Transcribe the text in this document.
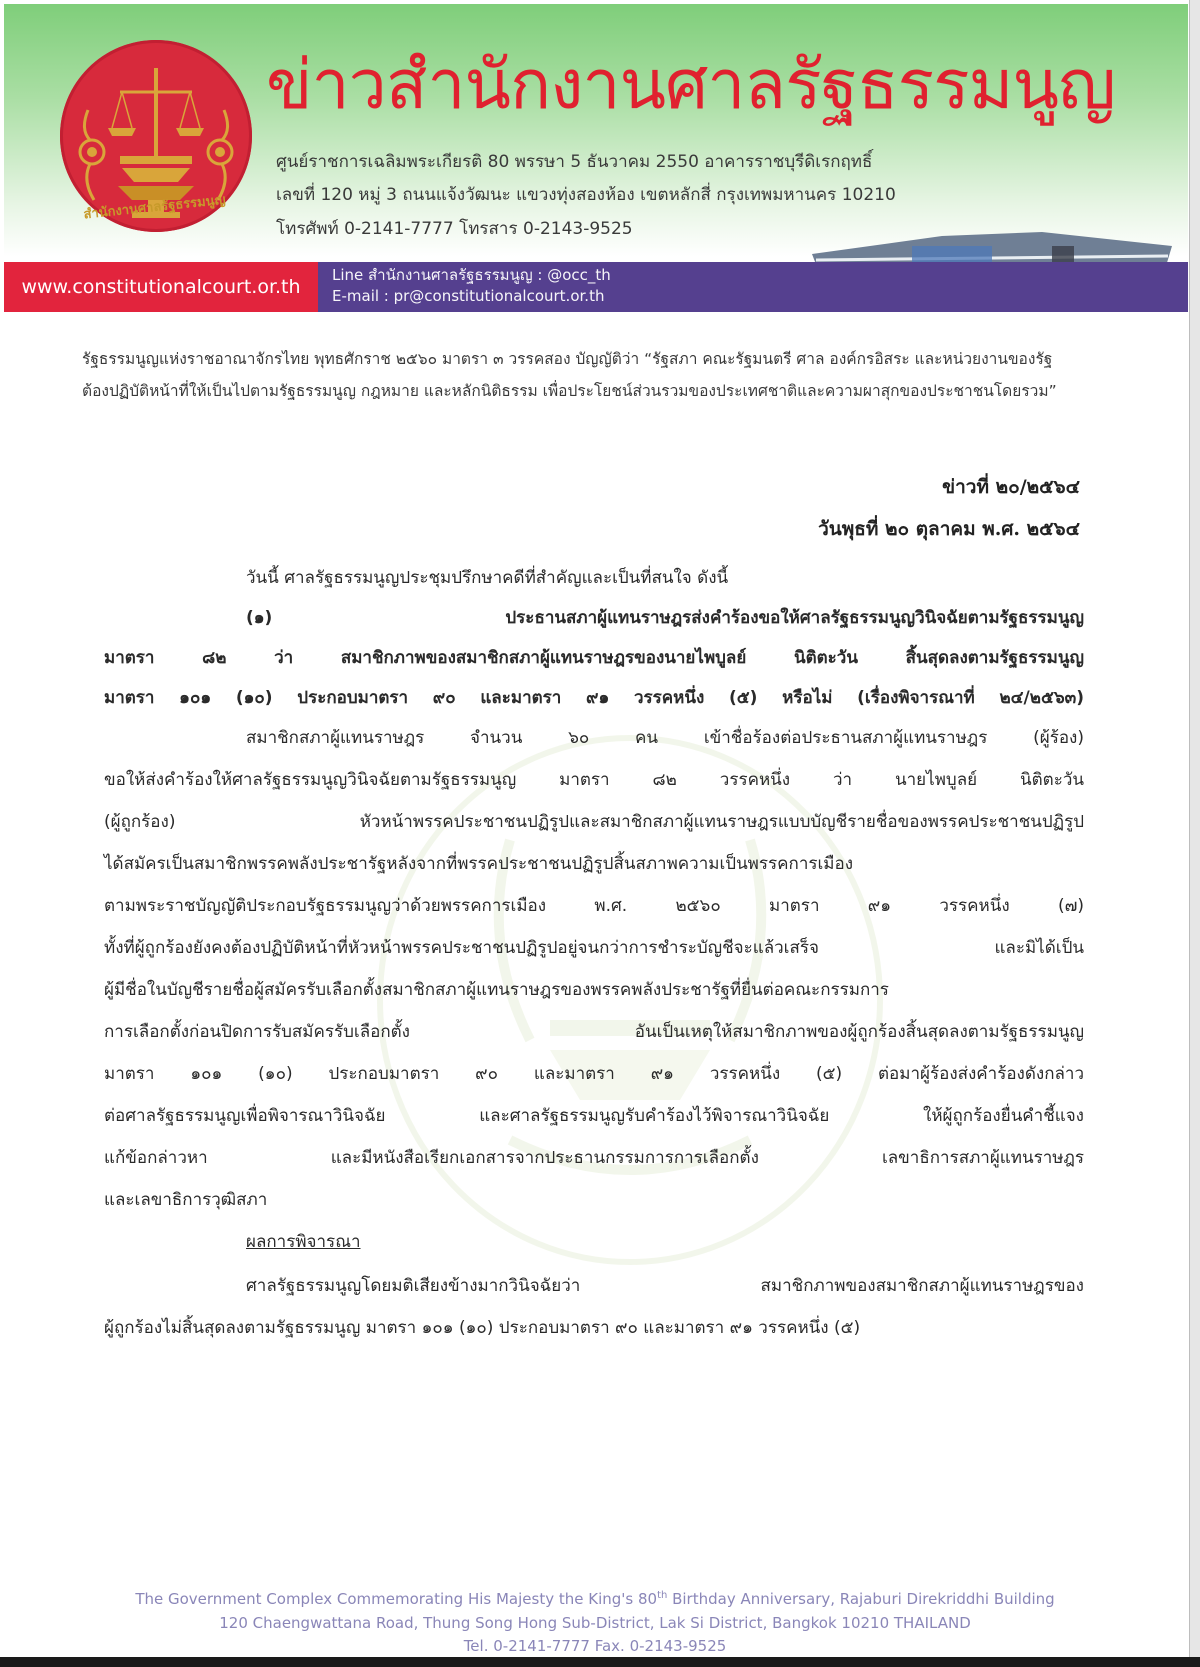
สำนักงานศาลรัฐธรรมนูญ
ข่าวสำนักงานศาลรัฐธรรมนูญ
ศูนย์ราชการเฉลิมพระเกียรติ 80 พรรษา 5 ธันวาคม 2550 อาคารราชบุรีดิเรกฤทธิ์
เลขที่ 120 หมู่ 3 ถนนแจ้งวัฒนะ แขวงทุ่งสองห้อง เขตหลักสี่ กรุงเทพมหานคร 10210
โทรศัพท์ 0-2141-7777 โทรสาร 0-2143-9525
www.constitutionalcourt.or.th
Line สำนักงานศาลรัฐธรรมนูญ : @occ_th
E-mail : pr@constitutionalcourt.or.th
รัฐธรรมนูญแห่งราชอาณาจักรไทย พุทธศักราช ๒๕๖๐ มาตรา ๓ วรรคสอง บัญญัติว่า “รัฐสภา คณะรัฐมนตรี ศาล องค์กรอิสระ และหน่วยงานของรัฐ
ต้องปฏิบัติหน้าที่ให้เป็นไปตามรัฐธรรมนูญ กฎหมาย และหลักนิติธรรม เพื่อประโยชน์ส่วนรวมของประเทศชาติและความผาสุกของประชาชนโดยรวม”
ข่าวที่ ๒๐/๒๕๖๔
วันพุธที่ ๒๐ ตุลาคม พ.ศ. ๒๕๖๔
วันนี้ ศาลรัฐธรรมนูญประชุมปรึกษาคดีที่สำคัญและเป็นที่สนใจ ดังนี้
(๑) ประธานสภาผู้แทนราษฎรส่งคำร้องขอให้ศาลรัฐธรรมนูญวินิจฉัยตามรัฐธรรมนูญ
มาตรา ๘๒ ว่า สมาชิกภาพของสมาชิกสภาผู้แทนราษฎรของนายไพบูลย์ นิติตะวัน สิ้นสุดลงตามรัฐธรรมนูญ
มาตรา ๑๐๑ (๑๐) ประกอบมาตรา ๙๐ และมาตรา ๙๑ วรรคหนึ่ง (๕) หรือไม่ (เรื่องพิจารณาที่ ๒๔/๒๕๖๓)
สมาชิกสภาผู้แทนราษฎร จำนวน ๖๐ คน เข้าชื่อร้องต่อประธานสภาผู้แทนราษฎร (ผู้ร้อง)
ขอให้ส่งคำร้องให้ศาลรัฐธรรมนูญวินิจฉัยตามรัฐธรรมนูญ มาตรา ๘๒ วรรคหนึ่ง ว่า นายไพบูลย์ นิติตะวัน
(ผู้ถูกร้อง) หัวหน้าพรรคประชาชนปฏิรูปและสมาชิกสภาผู้แทนราษฎรแบบบัญชีรายชื่อของพรรคประชาชนปฏิรูป
ได้สมัครเป็นสมาชิกพรรคพลังประชารัฐหลังจากที่พรรคประชาชนปฏิรูปสิ้นสภาพความเป็นพรรคการเมือง
ตามพระราชบัญญัติประกอบรัฐธรรมนูญว่าด้วยพรรคการเมือง พ.ศ. ๒๕๖๐ มาตรา ๙๑ วรรคหนึ่ง (๗)
ทั้งที่ผู้ถูกร้องยังคงต้องปฏิบัติหน้าที่หัวหน้าพรรคประชาชนปฏิรูปอยู่จนกว่าการชำระบัญชีจะแล้วเสร็จ และมิได้เป็น
ผู้มีชื่อในบัญชีรายชื่อผู้สมัครรับเลือกตั้งสมาชิกสภาผู้แทนราษฎรของพรรคพลังประชารัฐที่ยื่นต่อคณะกรรมการ
การเลือกตั้งก่อนปิดการรับสมัครรับเลือกตั้ง อันเป็นเหตุให้สมาชิกภาพของผู้ถูกร้องสิ้นสุดลงตามรัฐธรรมนูญ
มาตรา ๑๐๑ (๑๐) ประกอบมาตรา ๙๐ และมาตรา ๙๑ วรรคหนึ่ง (๕) ต่อมาผู้ร้องส่งคำร้องดังกล่าว
ต่อศาลรัฐธรรมนูญเพื่อพิจารณาวินิจฉัย และศาลรัฐธรรมนูญรับคำร้องไว้พิจารณาวินิจฉัย ให้ผู้ถูกร้องยื่นคำชี้แจง
แก้ข้อกล่าวหา และมีหนังสือเรียกเอกสารจากประธานกรรมการการเลือกตั้ง เลขาธิการสภาผู้แทนราษฎร
และเลขาธิการวุฒิสภา
ผลการพิจารณา
ศาลรัฐธรรมนูญโดยมติเสียงข้างมากวินิจฉัยว่า สมาชิกภาพของสมาชิกสภาผู้แทนราษฎรของ
ผู้ถูกร้องไม่สิ้นสุดลงตามรัฐธรรมนูญ มาตรา ๑๐๑ (๑๐) ประกอบมาตรา ๙๐ และมาตรา ๙๑ วรรคหนึ่ง (๕)
The Government Complex Commemorating His Majesty the King's 80th Birthday Anniversary, Rajaburi Direkriddhi Building
120 Chaengwattana Road, Thung Song Hong Sub-District, Lak Si District, Bangkok 10210 THAILAND
Tel. 0-2141-7777 Fax. 0-2143-9525
